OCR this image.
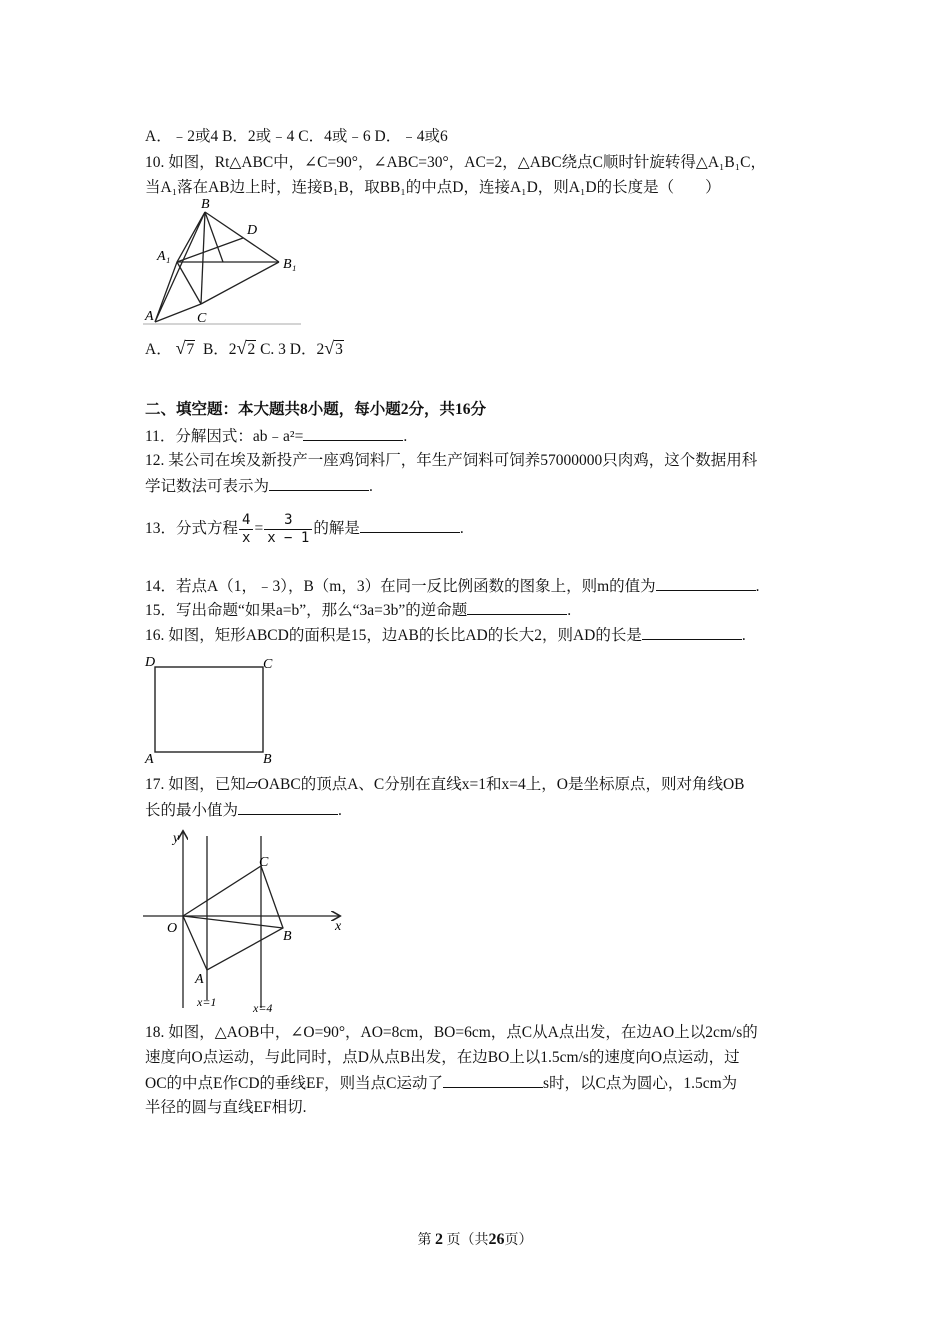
A．﹣2或4 B．2或﹣4 C．4或﹣6 D．﹣4或6
10. 如图，Rt△ABC中，∠C=90°，∠ABC=30°，AC=2，△ABC绕点C顺时针旋转得△A₁B₁C，
当A₁落在AB边上时，连接B₁B，取BB₁的中点D，连接A₁D，则A₁D的长度是（　　）
B
D
A₁
B₁
A	C
A． √7 B．2√2 C. 3 D．2√3
二、填空题：本大题共8小题，每小题2分，共16分
11．分解因式：ab﹣a²=	.
12. 某公司在埃及新投产一座鸡饲料厂，年生产饲料可饲养57000000只肉鸡，这个数据用科
学记数法可表示为	.
13．分式方程 $\frac{4}{x} = \frac{3}{x - 1}$ 的解是	.
14．若点A（1，﹣3），B（m，3）在同一反比例函数的图象上，则m的值为	.
15．写出命题“如果a=b”，那么“3a=3b”的逆命题	.
16. 如图，矩形ABCD的面积是15，边AB的长比AD的长大2，则AD的长是	.
D	C
A	B
17. 如图，已知▱OABC的顶点A、C分别在直线x=1和x=4上，O是坐标原点，则对角线OB
长的最小值为	.
y
x
O
C
B
A
x=1	x=4
18. 如图，△AOB中，∠O=90°，AO=8cm，BO=6cm，点C从A点出发，在边AO上以2cm/s的
速度向O点运动，与此同时，点D从点B出发，在边BO上以1.5cm/s的速度向O点运动，过
OC的中点E作CD的垂线EF，则当点C运动了	s时，以C点为圆心，1.5cm为
半径的圆与直线EF相切.
第 2 页（共26页）
